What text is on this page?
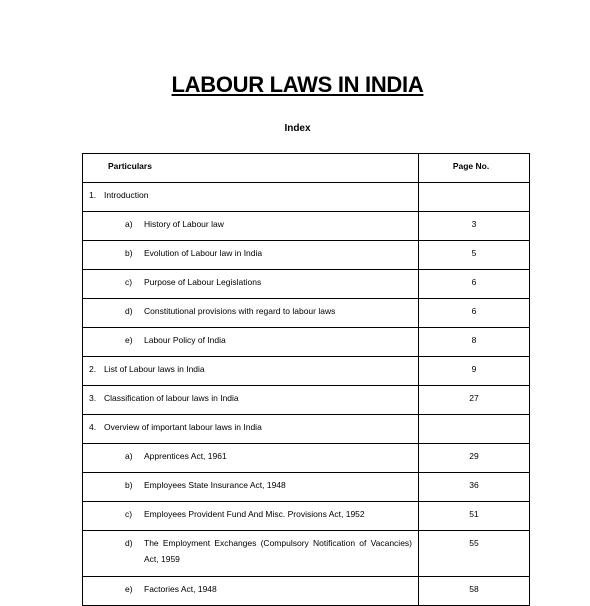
LABOUR LAWS IN INDIA
Index
Particulars	Page No.

1. Introduction	

a) History of Labour law	3

b) Evolution of Labour law in India	5

c) Purpose of Labour Legislations	6

d) Constitutional provisions with regard to labour laws	6

e) Labour Policy of India	8

2. List of Labour laws in India	9

3. Classification of labour laws in India	27

4. Overview of important labour laws in India	

a) Apprentices Act, 1961	29

b) Employees State Insurance Act, 1948	36

c) Employees Provident Fund And Misc. Provisions Act, 1952	51

d) The Employment Exchanges (Compulsory Notification of Vacancies) Act, 1959	55

e) Factories Act, 1948	58
